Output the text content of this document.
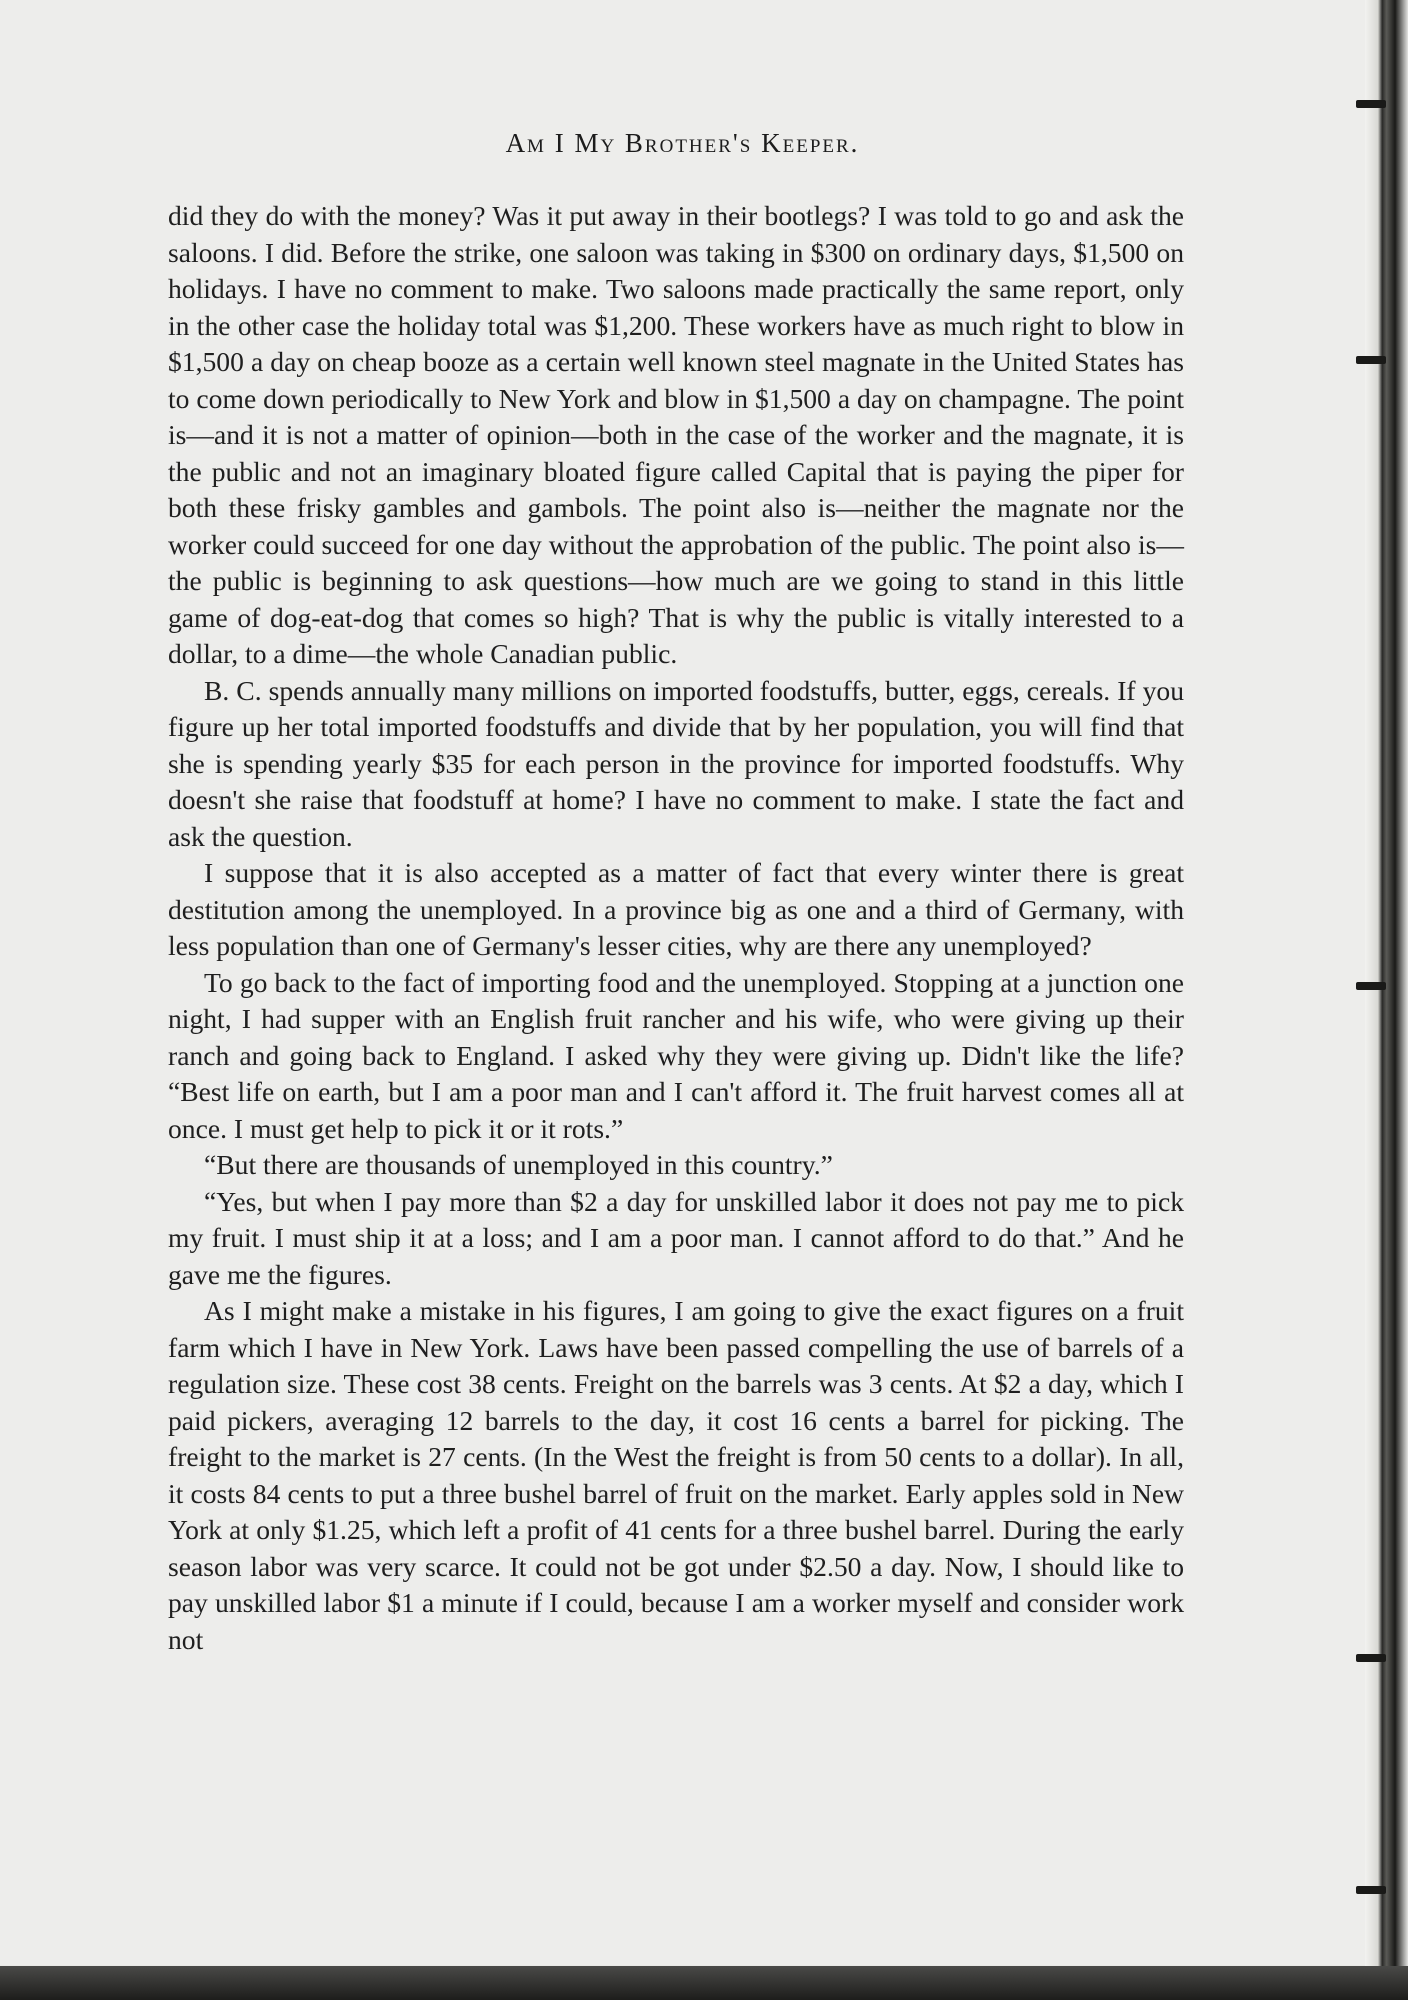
Am I My Brother's Keeper.

did they do with the money? Was it put away in their bootlegs? I was told to go and ask the saloons. I did. Before the strike, one saloon was taking in $300 on ordinary days, $1,500 on holidays. I have no comment to make. Two saloons made practically the same report, only in the other case the holiday total was $1,200. These workers have as much right to blow in $1,500 a day on cheap booze as a certain well known steel magnate in the United States has to come down periodically to New York and blow in $1,500 a day on champagne. The point is—and it is not a matter of opinion—both in the case of the worker and the magnate, it is the public and not an imaginary bloated figure called Capital that is paying the piper for both these frisky gambles and gambols. The point also is—neither the magnate nor the worker could succeed for one day without the approbation of the public. The point also is—the public is beginning to ask questions—how much are we going to stand in this little game of dog-eat-dog that comes so high? That is why the public is vitally interested to a dollar, to a dime—the whole Canadian public.

B. C. spends annually many millions on imported foodstuffs, butter, eggs, cereals. If you figure up her total imported foodstuffs and divide that by her population, you will find that she is spending yearly $35 for each person in the province for imported foodstuffs. Why doesn't she raise that foodstuff at home? I have no comment to make. I state the fact and ask the question.

I suppose that it is also accepted as a matter of fact that every winter there is great destitution among the unemployed. In a province big as one and a third of Germany, with less population than one of Germany's lesser cities, why are there any unemployed?

To go back to the fact of importing food and the unemployed. Stopping at a junction one night, I had supper with an English fruit rancher and his wife, who were giving up their ranch and going back to England. I asked why they were giving up. Didn't like the life? “Best life on earth, but I am a poor man and I can't afford it. The fruit harvest comes all at once. I must get help to pick it or it rots.”

“But there are thousands of unemployed in this country.”

“Yes, but when I pay more than $2 a day for unskilled labor it does not pay me to pick my fruit. I must ship it at a loss; and I am a poor man. I cannot afford to do that.” And he gave me the figures.

As I might make a mistake in his figures, I am going to give the exact figures on a fruit farm which I have in New York. Laws have been passed compelling the use of barrels of a regulation size. These cost 38 cents. Freight on the barrels was 3 cents. At $2 a day, which I paid pickers, averaging 12 barrels to the day, it cost 16 cents a barrel for picking. The freight to the market is 27 cents. (In the West the freight is from 50 cents to a dollar). In all, it costs 84 cents to put a three bushel barrel of fruit on the market. Early apples sold in New York at only $1.25, which left a profit of 41 cents for a three bushel barrel. During the early season labor was very scarce. It could not be got under $2.50 a day. Now, I should like to pay unskilled labor $1 a minute if I could, because I am a worker myself and consider work not
